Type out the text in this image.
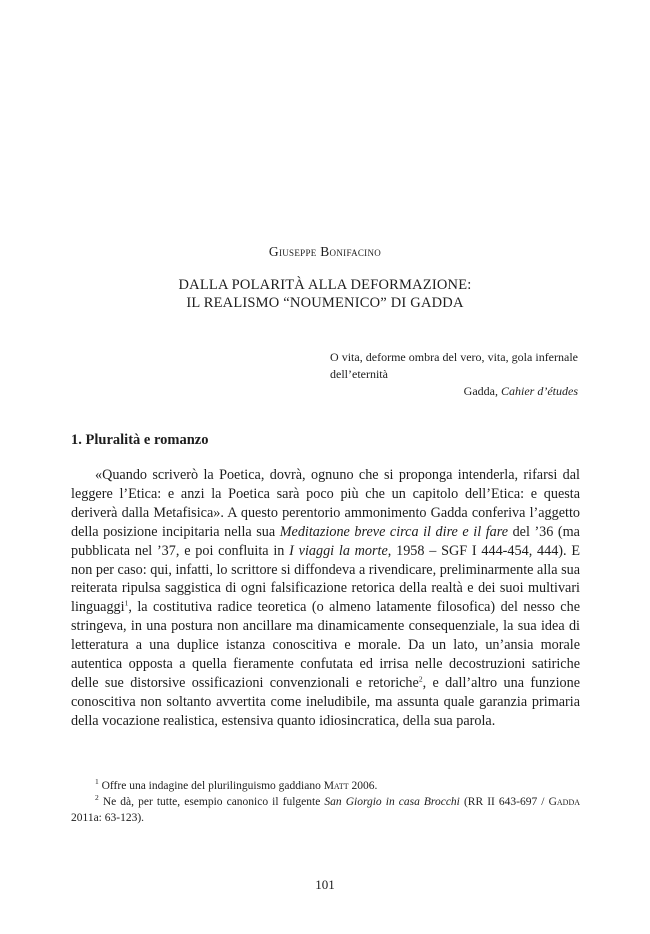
Giuseppe Bonifacino
DALLA POLARITÀ ALLA DEFORMAZIONE:
IL REALISMO “NOUMENICO” DI GADDA
O vita, deforme ombra del vero, vita, gola infernale dell’eternità
Gadda, Cahier d’études
1. Pluralità e romanzo

«Quando scriverò la Poetica, dovrà, ognuno che si proponga intenderla, rifarsi dal leggere l’Etica: e anzi la Poetica sarà poco più che un capitolo dell’Etica: e questa deriverà dalla Metafisica». A questo perentorio ammonimento Gadda conferiva l’aggetto della posizione incipitaria nella sua Meditazione breve circa il dire e il fare del ’36 (ma pubblicata nel ’37, e poi confluita in I viaggi la morte, 1958 – SGF I 444-454, 444). E non per caso: qui, infatti, lo scrittore si diffondeva a rivendicare, preliminarmente alla sua reiterata ripulsa saggistica di ogni falsificazione retorica della realtà e dei suoi multivari linguaggi$^1$, la costitutiva radice teoretica (o almeno latamente filosofica) del nesso che stringeva, in una postura non ancillare ma dinamicamente consequenziale, la sua idea di letteratura a una duplice istanza conoscitiva e morale. Da un lato, un’ansia morale autentica opposta a quella fieramente confutata ed irrisa nelle decostruzioni satiriche delle sue distorsive ossificazioni convenzionali e retoriche$^2$, e dall’altro una funzione conoscitiva non soltanto avvertita come ineludibile, ma assunta quale garanzia primaria della vocazione realistica, estensiva quanto idiosincratica, della sua parola.

$^1$ Offre una indagine del plurilinguismo gaddiano Matt 2006.

$^2$ Ne dà, per tutte, esempio canonico il fulgente San Giorgio in casa Brocchi (RR II 643-697 / Gadda 2011a: 63-123).

101
